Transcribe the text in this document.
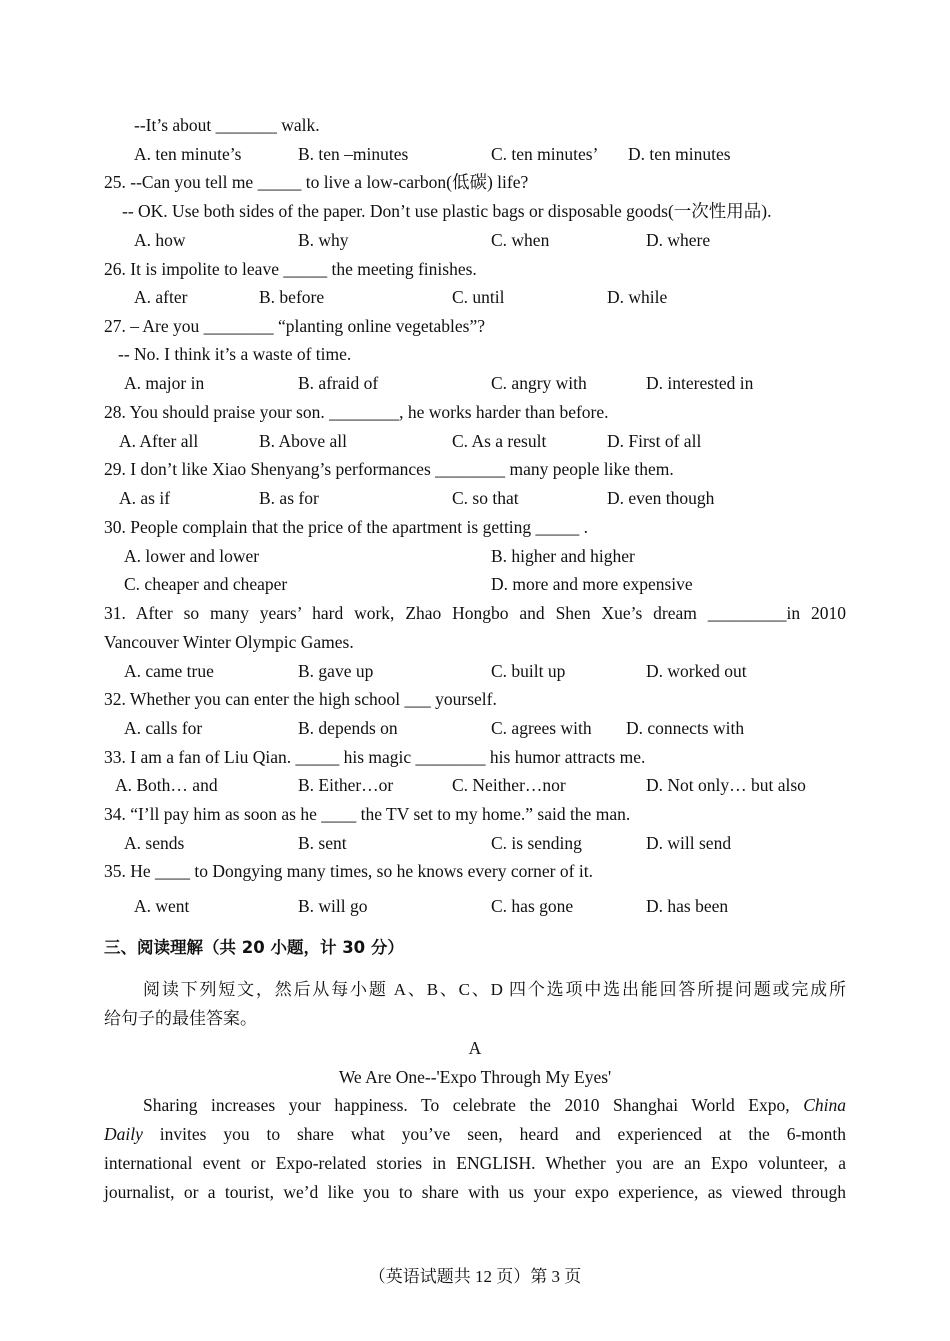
--It’s about _______ walk.
A. ten minute’s	B. ten –minutes	C. ten minutes’ D. ten minutes
25. --Can you tell me _____ to live a low-carbon(低碳) life?
-- OK. Use both sides of the paper. Don’t use plastic bags or disposable goods(一次性用品).
A. how	B. why	C. when	D. where
26. It is impolite to leave _____ the meeting finishes.
A. after	B. before	C. until	D. while
27. – Are you ________ “planting online vegetables”?
-- No. I think it’s a waste of time.
A. major in	B. afraid of	C. angry with	D. interested in
28. You should praise your son. ________, he works harder than before.
A. After all	B. Above all	C. As a result	D. First of all
29. I don’t like Xiao Shenyang’s performances ________ many people like them.
A. as if	B. as for	C. so that	D. even though
30. People complain that the price of the apartment is getting _____ .
A. lower and lower	B. higher and higher
C. cheaper and cheaper	D. more and more expensive
31. After so many years’ hard work, Zhao Hongbo and Shen Xue’s dream _________in 2010
Vancouver Winter Olympic Games.
A. came true	B. gave up	C. built up	D. worked out
32. Whether you can enter the high school ___ yourself.
A. calls for	B. depends on	C. agrees with D. connects with
33. I am a fan of Liu Qian. _____ his magic ________ his humor attracts me.
A. Both… and	B. Either…or	C. Neither…nor	D. Not only… but also
34. “I’ll pay him as soon as he ____ the TV set to my home.” said the man.
A. sends	B. sent	C. is sending	D. will send
35. He ____ to Dongying many times, so he knows every corner of it.
A. went	B. will go	C. has gone	D. has been
三、阅读理解（共 20 小题，计 30 分）
阅读下列短文，然后从每小题 A、B、C、D 四个选项中选出能回答所提问题或完成所
给句子的最佳答案。
A
We Are One--'Expo Through My Eyes'
Sharing increases your happiness. To celebrate the 2010 Shanghai World Expo, China
Daily invites you to share what you’ve seen, heard and experienced at the 6-month
international event or Expo-related stories in ENGLISH. Whether you are an Expo volunteer, a
journalist, or a tourist, we’d like you to share with us your expo experience, as viewed through
（英语试题共 12 页）第 3 页
